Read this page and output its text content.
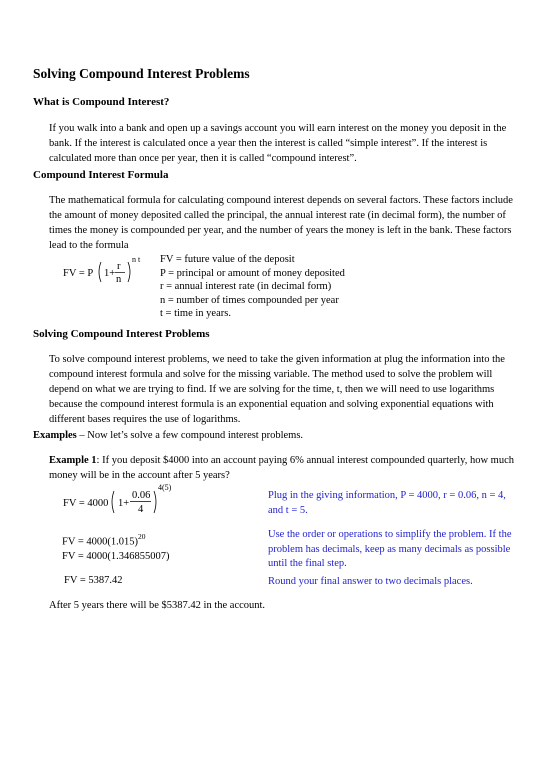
Solving Compound Interest Problems
What is Compound Interest?
If you walk into a bank and open up a savings account you will earn interest on the money you deposit in the bank. If the interest is calculated once a year then the interest is called “simple interest”. If the interest is calculated more than once per year, then it is called “compound interest”.
Compound Interest Formula
The mathematical formula for calculating compound interest depends on several factors. These factors include the amount of money deposited called the principal, the annual interest rate (in decimal form), the number of times the money is compounded per year, and the number of years the money is left in the bank. These factors lead to the formula
FV = P 1+
r
n
n t FV = future value of the deposit
P = principal or amount of money deposited
r = annual interest rate (in decimal form)
n = number of times compounded per year
t = time in years.
Solving Compound Interest Problems
To solve compound interest problems, we need to take the given information at plug the information into the compound interest formula and solve for the missing variable. The method used to solve the problem will depend on what we are trying to find. If we are solving for the time, t, then we will need to use logarithms because the compound interest formula is an exponential equation and solving exponential equations with different bases requires the use of logarithms.
Examples – Now let’s solve a few compound interest problems.
Example 1: If you deposit $4000 into an account paying 6% annual interest compounded quarterly, how much money will be in the account after 5 years?
FV = 4000 1+
0.06
4
4(5)
Plug in the giving information, P = 4000, r = 0.06, n = 4, and t = 5.
FV = $4000(1.015)^{20}$	Use the order or operations to simplify the problem. If the problem has decimals, keep as many decimals as possible until the final step.
FV = 4000(1.346855007)
FV = 5387.42	Round your final answer to two decimals places.
After 5 years there will be $5387.42 in the account.
